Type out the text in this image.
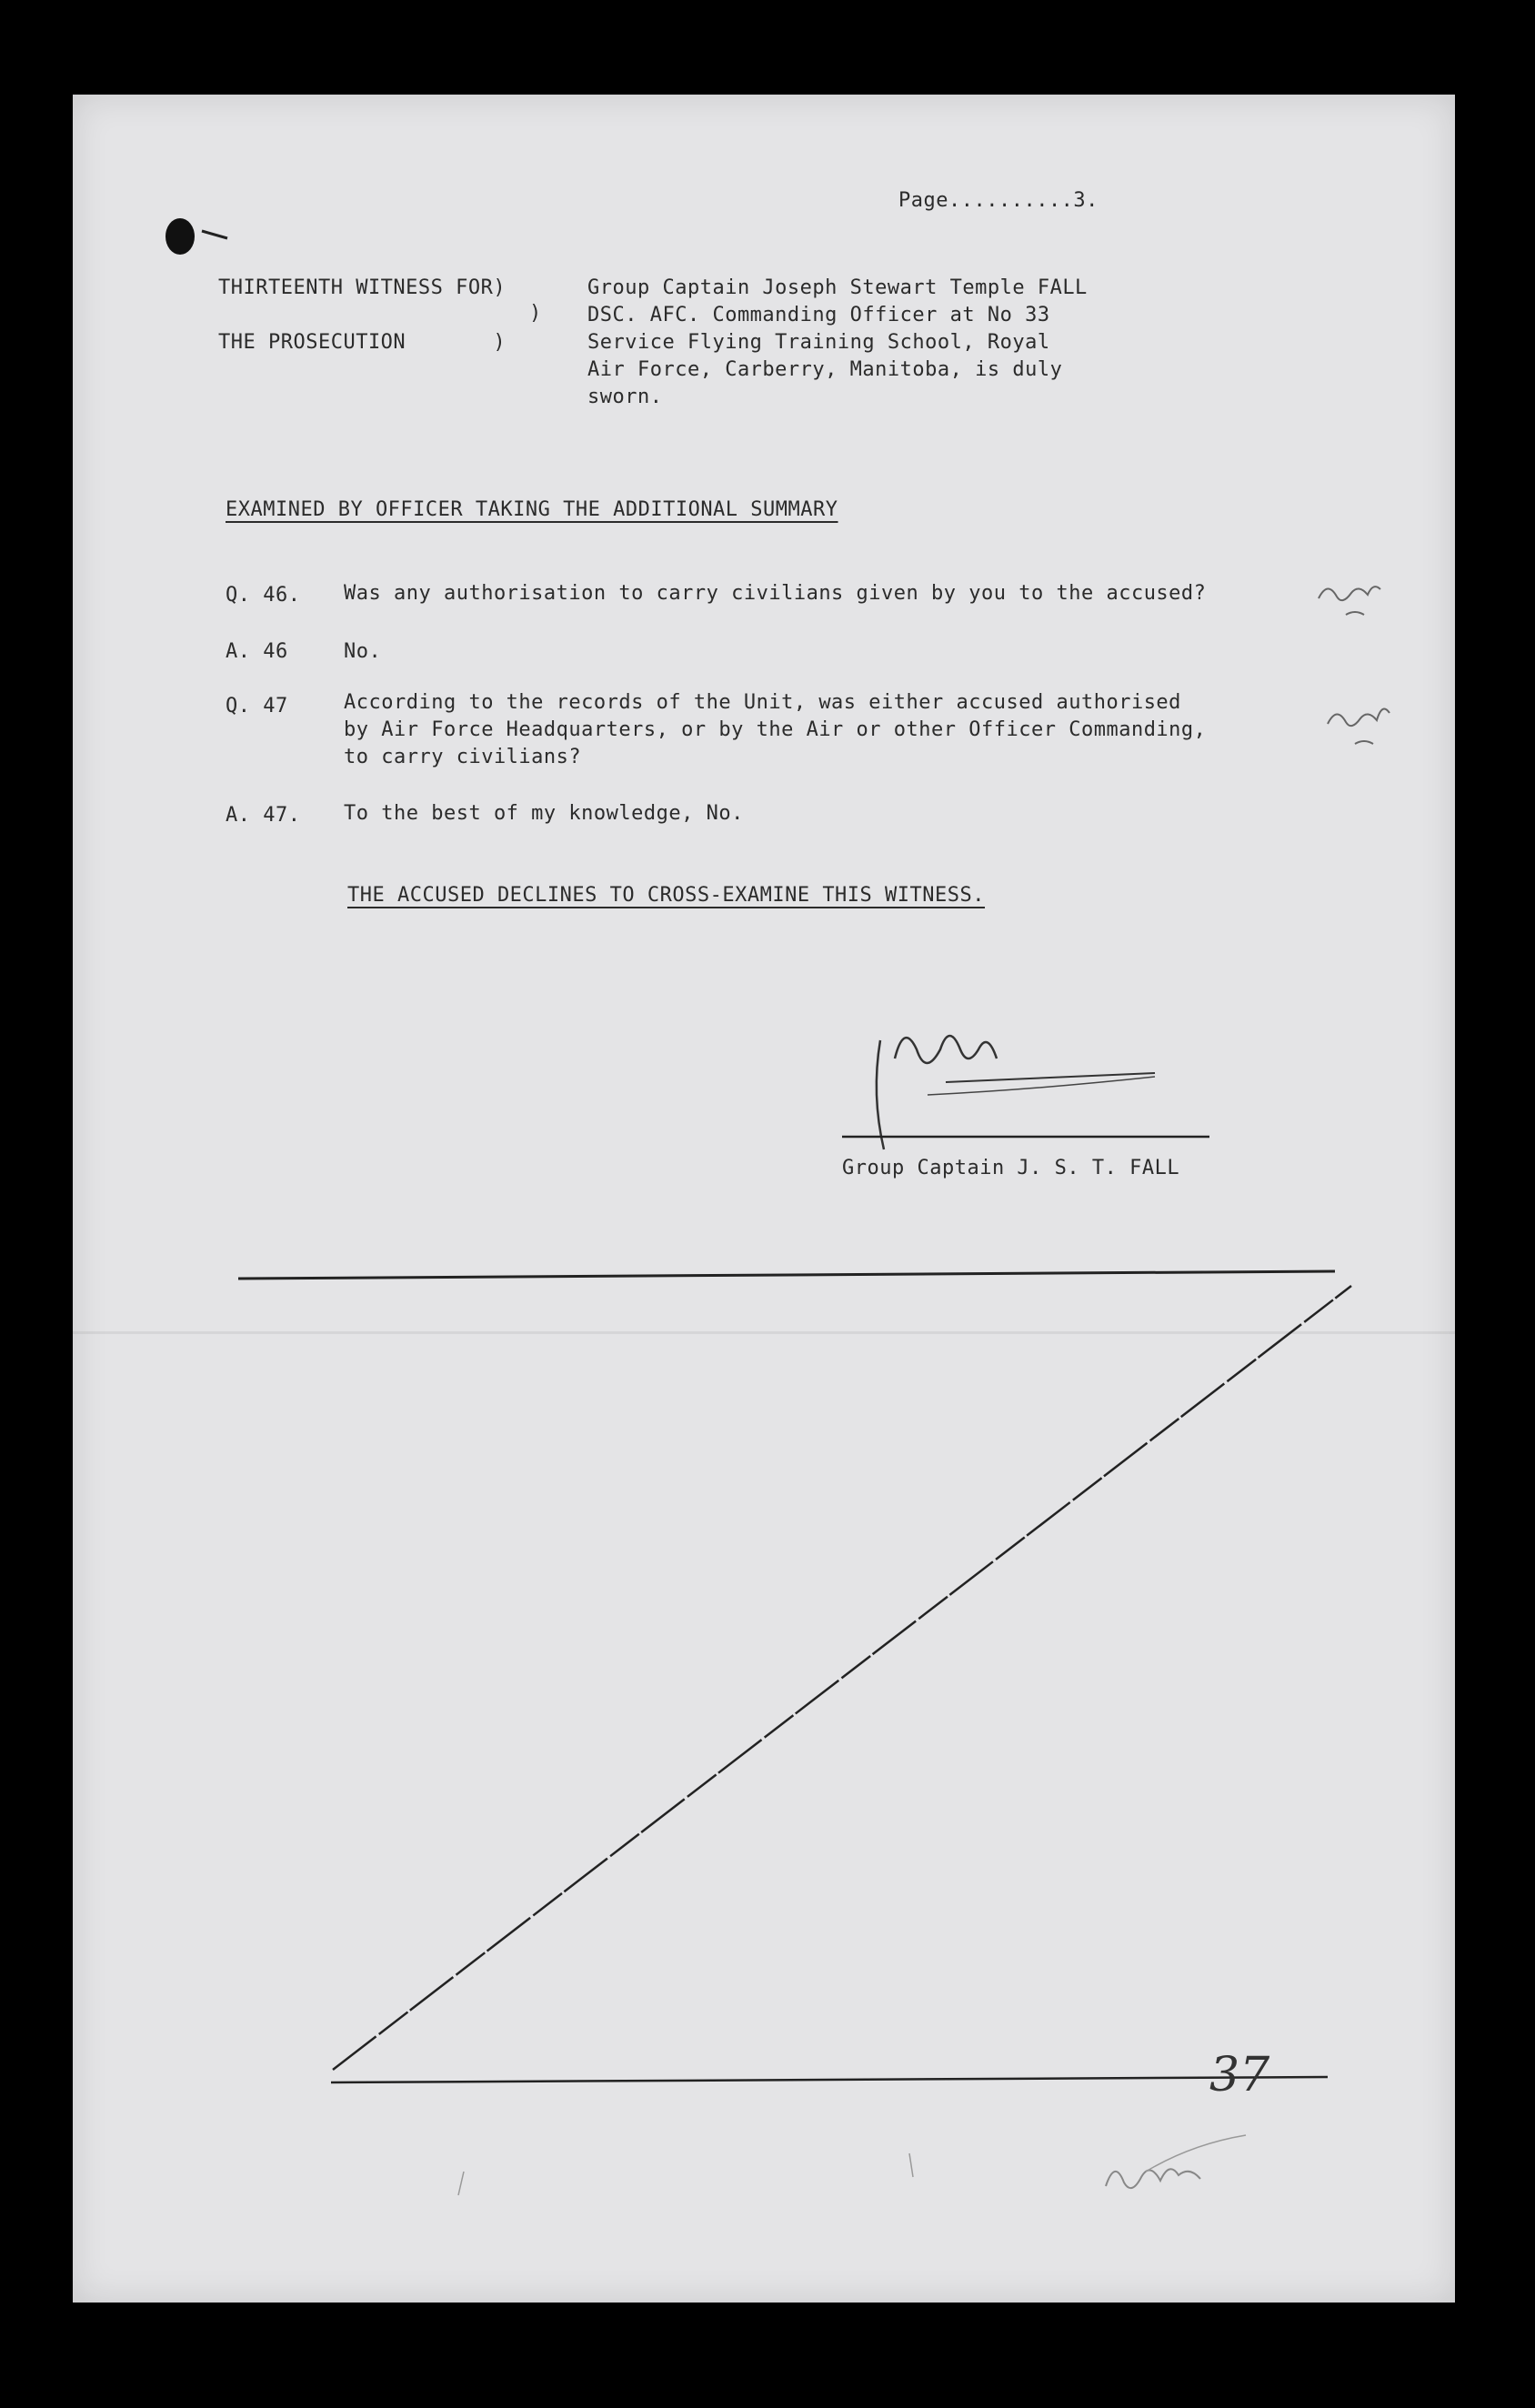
Page..........3.
THIRTEENTH WITNESS FOR)
)
THE PROSECUTION       )
Group Captain Joseph Stewart Temple FALL
DSC. AFC. Commanding Officer at No 33
Service Flying Training School, Royal
Air Force, Carberry, Manitoba, is duly
sworn.
EXAMINED BY OFFICER TAKING THE ADDITIONAL SUMMARY
Q. 46. Was any authorisation to carry civilians given by you to the accused?
A. 46	No.
Q. 47	According to the records of the Unit, was either accused authorised
by Air Force Headquarters, or by the Air or other Officer Commanding,
to carry civilians?
A. 47. To the best of my knowledge, No.
THE ACCUSED DECLINES TO CROSS-EXAMINE THIS WITNESS.
Group Captain J. S. T. FALL
37
